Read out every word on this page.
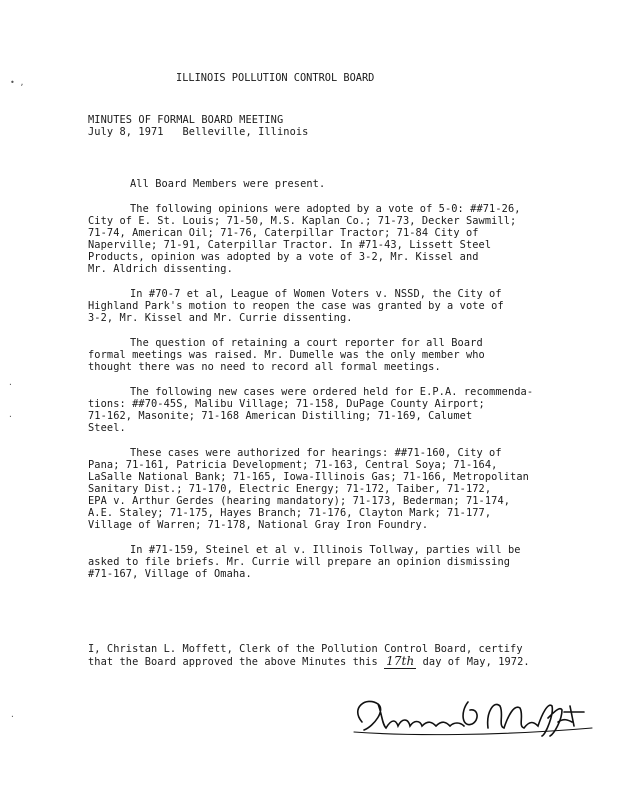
• ,
·
·
·
ILLINOIS POLLUTION CONTROL BOARD
MINUTES OF FORMAL BOARD MEETING
July 8, 1971   Belleville, Illinois
All Board Members were present.
The following opinions were adopted by a vote of 5-0: ##71-26,
City of E. St. Louis; 71-50, M.S. Kaplan Co.; 71-73, Decker Sawmill;
71-74, American Oil; 71-76, Caterpillar Tractor; 71-84 City of
Naperville; 71-91, Caterpillar Tractor. In #71-43, Lissett Steel
Products, opinion was adopted by a vote of 3-2, Mr. Kissel and
Mr. Aldrich dissenting.
In #70-7 et al, League of Women Voters v. NSSD, the City of
Highland Park's motion to reopen the case was granted by a vote of
3-2, Mr. Kissel and Mr. Currie dissenting.
The question of retaining a court reporter for all Board
formal meetings was raised. Mr. Dumelle was the only member who
thought there was no need to record all formal meetings.
The following new cases were ordered held for E.P.A. recommenda-
tions: ##70-45S, Malibu Village; 71-158, DuPage County Airport;
71-162, Masonite; 71-168 American Distilling; 71-169, Calumet
Steel.
These cases were authorized for hearings: ##71-160, City of
Pana; 71-161, Patricia Development; 71-163, Central Soya; 71-164,
LaSalle National Bank; 71-165, Iowa-Illinois Gas; 71-166, Metropolitan
Sanitary Dist.; 71-170, Electric Energy; 71-172, Taiber, 71-172,
EPA v. Arthur Gerdes (hearing mandatory); 71-173, Bederman; 71-174,
A.E. Staley; 71-175, Hayes Branch; 71-176, Clayton Mark; 71-177,
Village of Warren; 71-178, National Gray Iron Foundry.
In #71-159, Steinel et al v. Illinois Tollway, parties will be
asked to file briefs. Mr. Currie will prepare an opinion dismissing
#71-167, Village of Omaha.
I, Christan L. Moffett, Clerk of the Pollution Control Board, certify
that the Board approved the above Minutes this 17th day of May, 1972.
